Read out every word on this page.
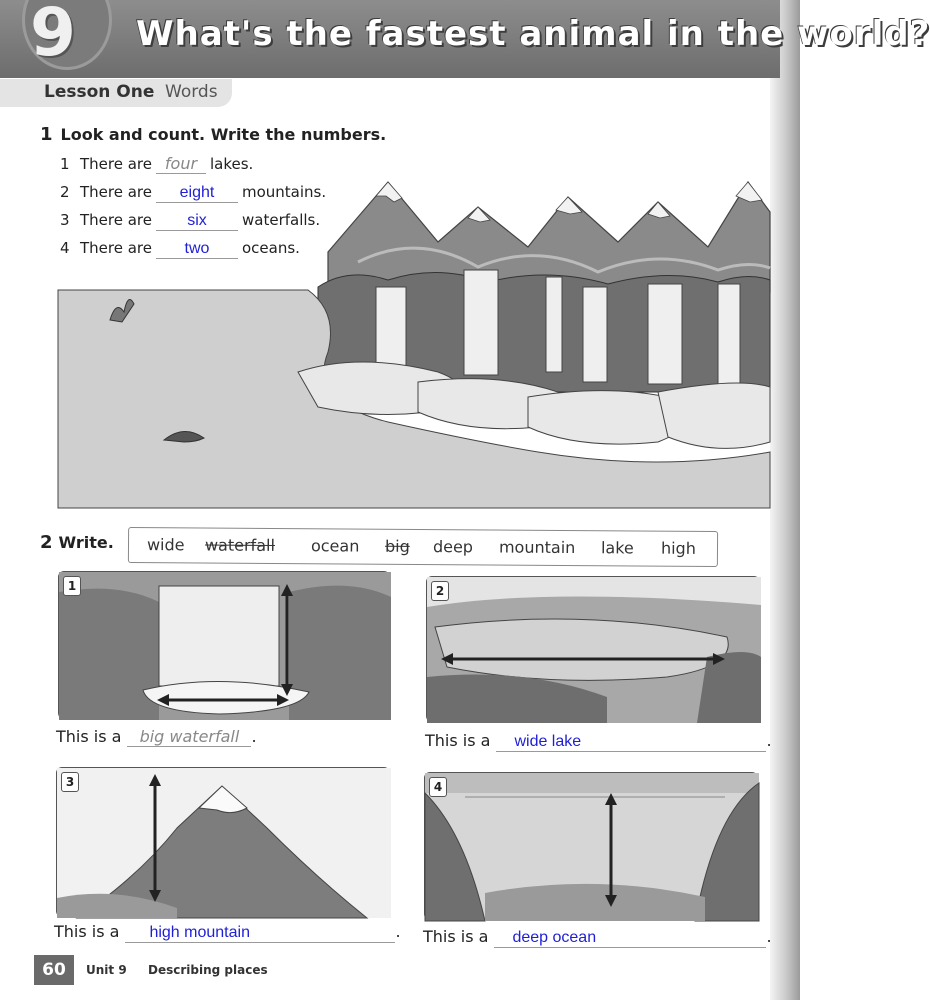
9 What's the fastest animal in the world?
Lesson One Words
1 Look and count. Write the numbers.
1 There are four lakes.
2 There are eight mountains.
3 There are six waterfalls.
4 There are two oceans.
2 Write. wide waterfall ocean big deep mountain lake high
1
This is a big waterfall .
2
This is a wide lake	.
3
This is a high mountain	.
4
This is a deep ocean	.
60	Unit 9 Describing places
